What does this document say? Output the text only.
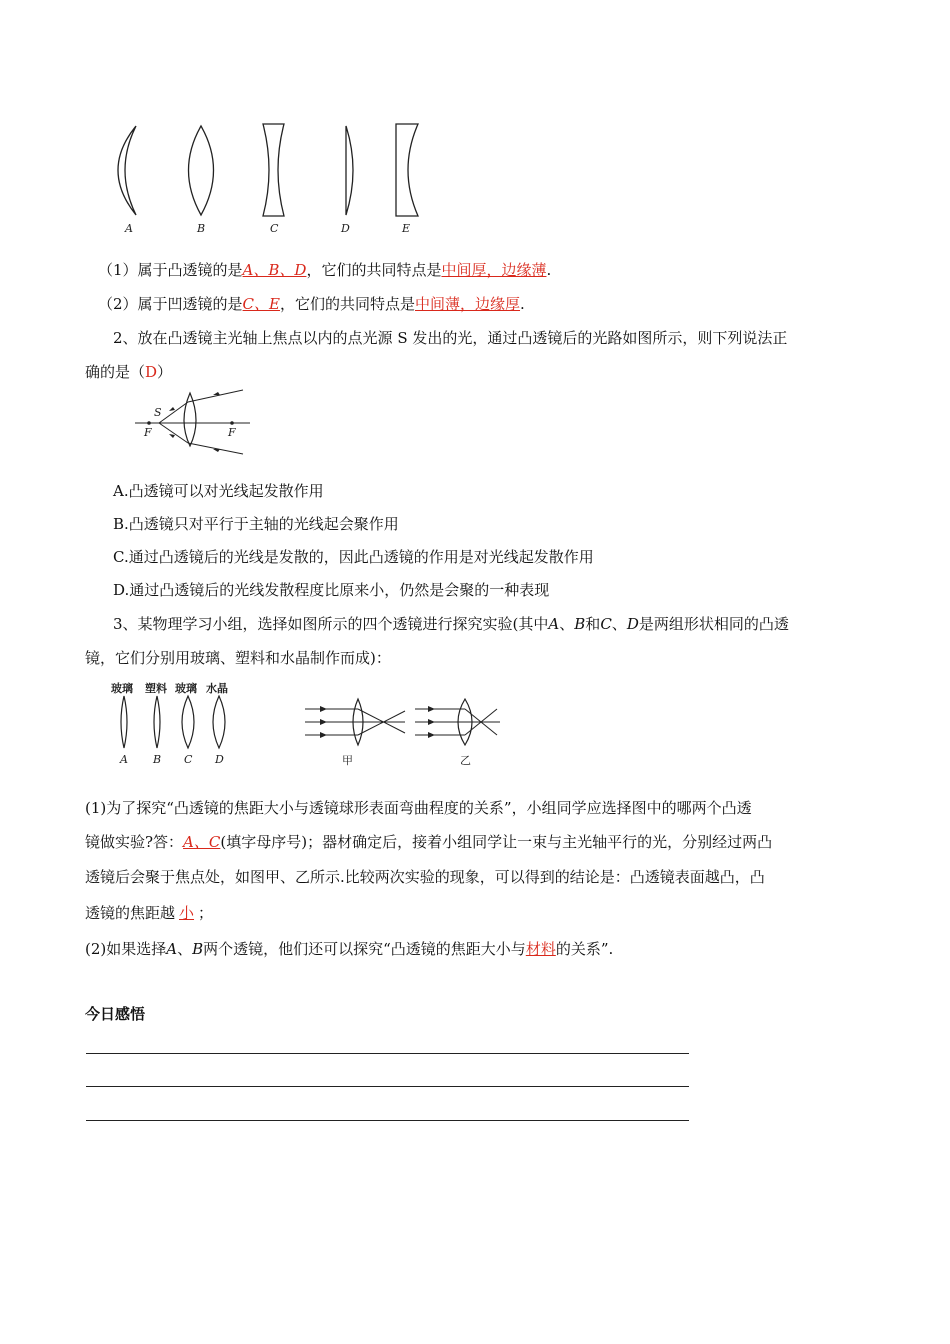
A	B	C	D	E
（1）属于凸透镜的是A、B、D，它们的共同特点是中间厚，边缘薄.
（2）属于凹透镜的是C、E，它们的共同特点是中间薄，边缘厚.
2、放在凸透镜主光轴上焦点以内的点光源 S 发出的光，通过凸透镜后的光路如图所示，则下列说法正
确的是（D）
S
F	F
A.凸透镜可以对光线起发散作用
B.凸透镜只对平行于主轴的光线起会聚作用
C.通过凸透镜后的光线是发散的，因此凸透镜的作用是对光线起发散作用
D.通过凸透镜后的光线发散程度比原来小，仍然是会聚的一种表现
3、某物理学习小组，选择如图所示的四个透镜进行探究实验(其中A、B和C、D是两组形状相同的凸透
镜，它们分别用玻璃、塑料和水晶制作而成)：
玻璃 塑料 玻璃 水晶
A B C D	甲	乙
(1)为了探究“凸透镜的焦距大小与透镜球形表面弯曲程度的关系”，小组同学应选择图中的哪两个凸透
镜做实验?答：A、C(填字母序号)；器材确定后，接着小组同学让一束与主光轴平行的光，分别经过两凸
透镜后会聚于焦点处，如图甲、乙所示.比较两次实验的现象，可以得到的结论是：凸透镜表面越凸，凸
透镜的焦距越 小 ；
(2)如果选择A、B两个透镜，他们还可以探究“凸透镜的焦距大小与材料的关系”.
今日感悟
